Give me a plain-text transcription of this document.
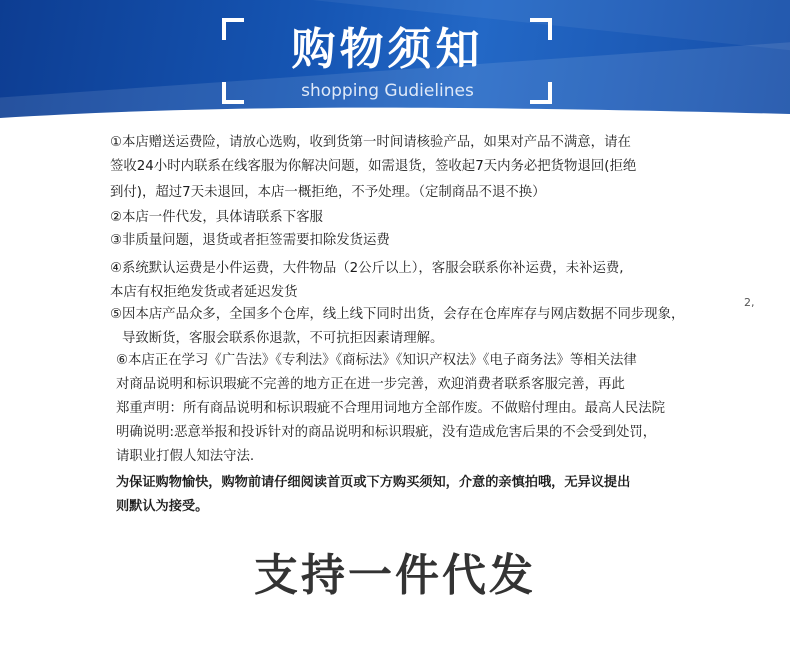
购物须知
shopping Gudielines

①本店赠送运费险，请放心选购，收到货第一时间请核验产品，如果对产品不满意，请在

签收24小时内联系在线客服为你解决问题，如需退货，签收起7天内务必把货物退回(拒绝

到付)，超过7天未退回，本店一概拒绝，不予处理。（定制商品不退不换）

②本店一件代发，具体请联系下客服

③非质量问题，退货或者拒签需要扣除发货运费

④系统默认运费是小件运费，大件物品（2公斤以上），客服会联系你补运费，未补运费,

本店有权拒绝发货或者延迟发货

⑤因本店产品众多，全国多个仓库，线上线下同时出货，会存在仓库库存与网店数据不同步现象，

导致断货，客服会联系你退款，不可抗拒因素请理解。

⑥本店正在学习《广告法》《专利法》《商标法》《知识产权法》《电子商务法》等相关法律

对商品说明和标识瑕疵不完善的地方正在进一步完善，欢迎消费者联系客服完善，再此

郑重声明：所有商品说明和标识瑕疵不合理用词地方全部作废。不做赔付理由。最高人民法院

明确说明:恶意举报和投诉针对的商品说明和标识瑕疵，没有造成危害后果的不会受到处罚，

请职业打假人知法守法.

为保证购物愉快，购物前请仔细阅读首页或下方购买须知，介意的亲慎拍哦，无异议提出

则默认为接受。

2,
支持一件代发
